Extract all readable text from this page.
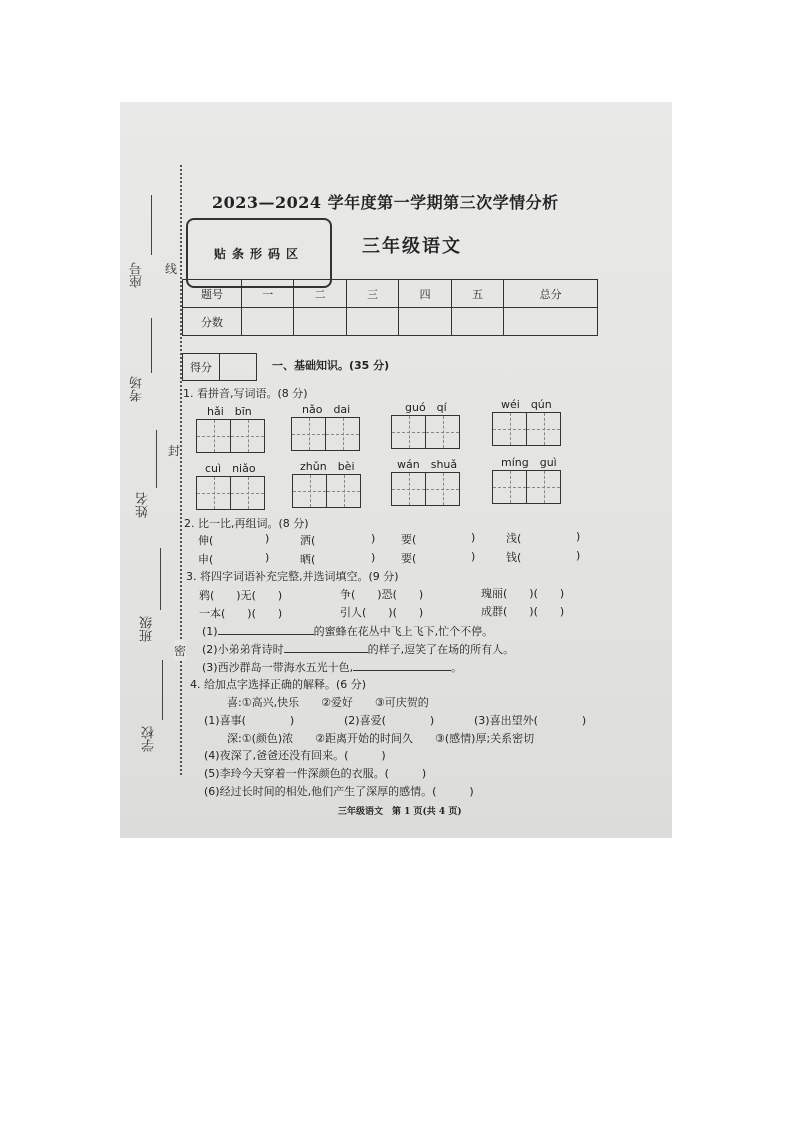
座号
考场
姓名
班级
学校
线
封
密
2023—2024 学年度第一学期第三次学情分析
贴条形码区	三年级语文
题号	一	二	三	四	五	总分
分数						
得分	一、基础知识。(35 分)
1. 看拼音,写词语。(8 分)
hǎi　bīn	nǎo　dai	guó　qí	wéi　qún
cuì　niǎo	zhǔn　bèi	wán　shuǎ	míng　guì
2. 比一比,再组词。(8 分)
伸(	)	洒(	) 要(	)	浅(	)
申(	)	晒(	) 要(	)	钱(	)
3. 将四字词语补充完整,并选词填空。(9 分)
鸦(　　)无(　　)	争(　　)恐(　　)	瑰丽(　　)(　　)
一本(　　)(　　)	引人(　　)(　　)	成群(　　)(　　)
(1)	的蜜蜂在花丛中飞上飞下,忙个不停。
(2)小弟弟背诗时	的样子,逗笑了在场的所有人。
(3)西沙群岛一带海水五光十色,	。
4. 给加点字选择正确的解释。(6 分)
喜:①高兴,快乐　　②爱好　　③可庆贺的
(1)喜事(　　　　)	(2)喜爱(　　　　)	(3)喜出望外(　　　　)
深:①(颜色)浓　　②距离开始的时间久　　③(感情)厚;关系密切
(4)夜深了,爸爸还没有回来。(　　　)
(5)李玲今天穿着一件深颜色的衣服。(　　　)
(6)经过长时间的相处,他们产生了深厚的感情。(　　　)
三年级语文　第 1 页(共 4 页)
